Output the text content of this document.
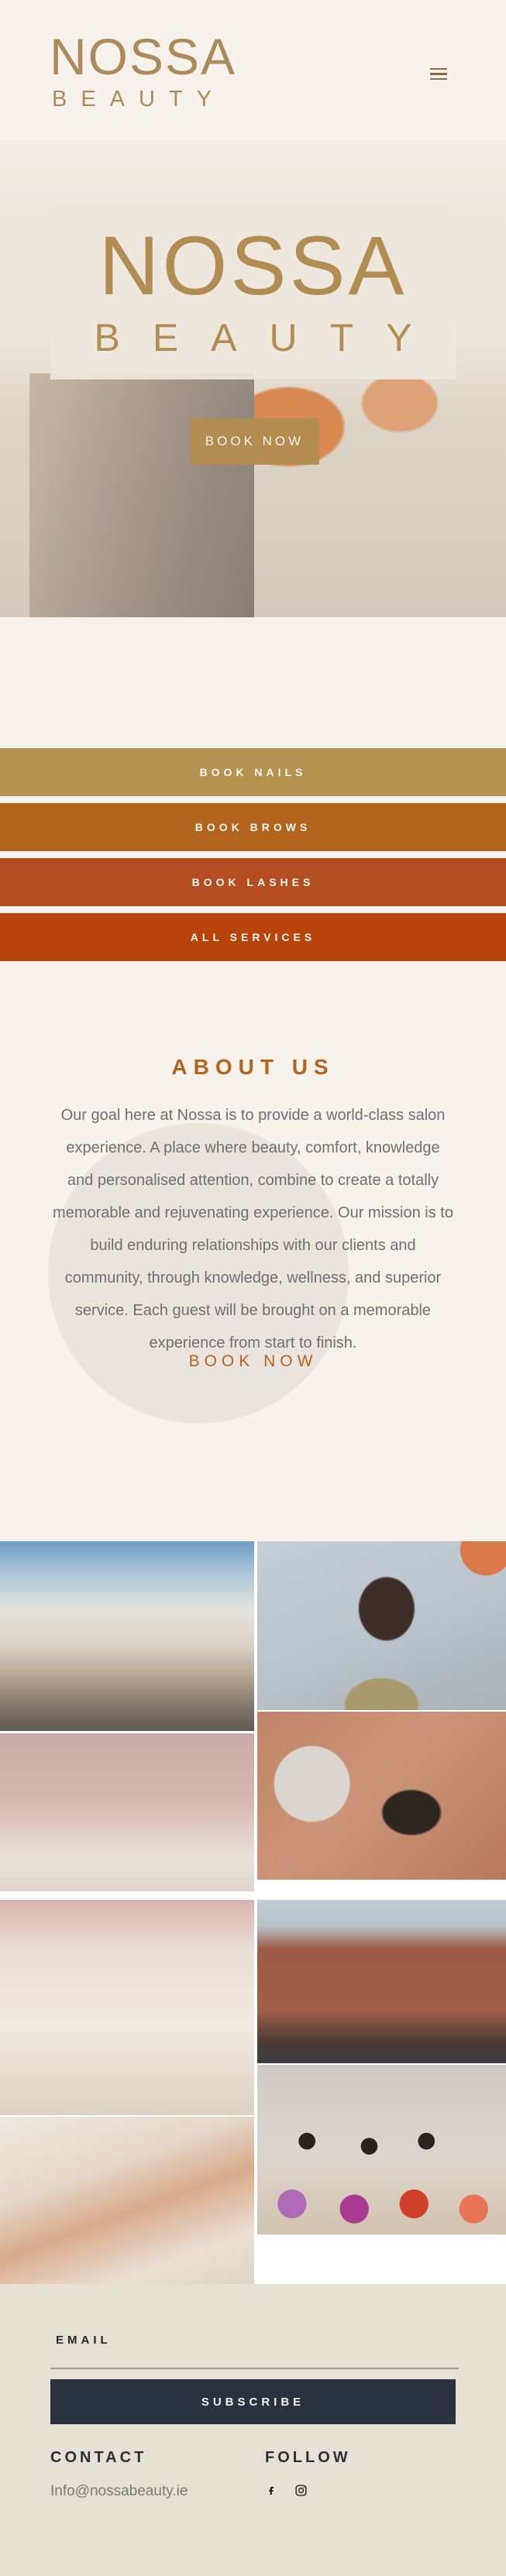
NOSSA
BEAUTY
NOSSA
BEAUTY
BOOK NOW
BOOK NAILS
BOOK BROWS
BOOK LASHES
ALL SERVICES
ABOUT US
Our goal here at Nossa is to provide a world-class salon experience. A place where beauty, comfort, knowledge and personalised attention, combine to create a totally memorable and rejuvenating experience. Our mission is to build enduring relationships with our clients and community, through knowledge, wellness, and superior service. Each guest will be brought on a memorable experience from start to finish.
BOOK NOW
EMAIL
SUBSCRIBE
CONTACT	FOLLOW
Info@nossabeauty.ie
